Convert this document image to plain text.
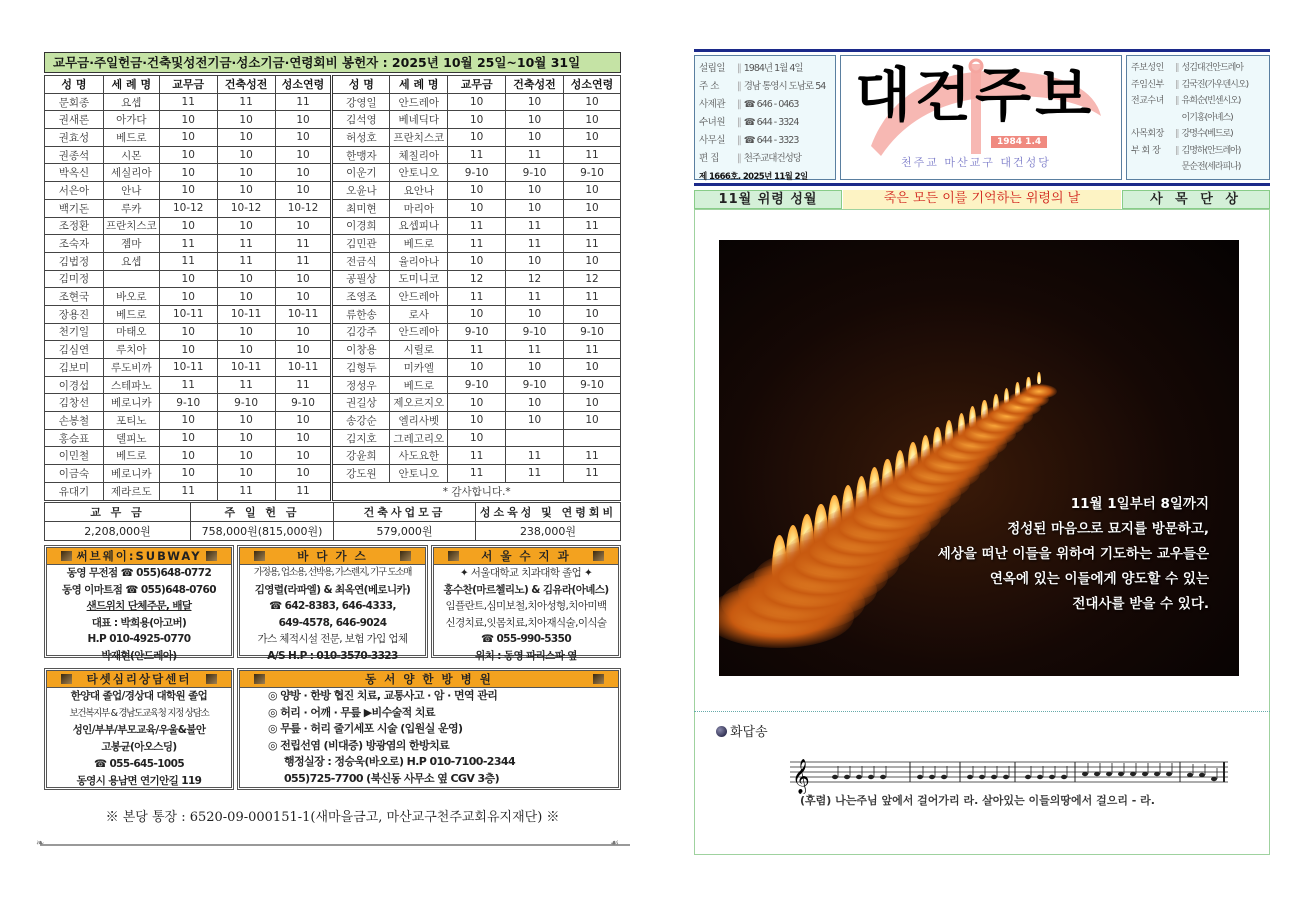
교무금·주일헌금·건축및성전기금·성소기금·연령회비 봉헌자 : 2025년 10월 25일~10월 31일
성 명	세 례 명	교무금	건축성전	성소연령	성 명	세 례 명	교무금	건축성전	성소연령
문회종	요셉	11	11	11	강영일	안드레아	10	10	10
권새론	아가다	10	10	10	김석영	베네딕다	10	10	10
권효성	베드로	10	10	10	허성호	프란치스코	10	10	10
권종석	시몬	10	10	10	한맹자	체칠리아	11	11	11
박옥신	세실리아	10	10	10	이운기	안토니오	9-10	9-10	9-10
서은아	안나	10	10	10	오윤나	요안나	10	10	10
백기돈	루카	10-12	10-12	10-12	최미현	마리아	10	10	10
조정환	프란치스코	10	10	10	이경희	요셉피나	11	11	11
조숙자	젬마	11	11	11	김민관	베드로	11	11	11
김법정	요셉	11	11	11	전금식	율리아나	10	10	10
김미정		10	10	10	공필상	도미니코	12	12	12
조현국	바오로	10	10	10	조영조	안드레아	11	11	11
장용진	베드로	10-11	10-11	10-11	류한송	로사	10	10	10
천기일	마태오	10	10	10	김강주	안드레아	9-10	9-10	9-10
김심연	루치아	10	10	10	이창용	시릴로	11	11	11
김보미	루도비까	10-11	10-11	10-11	김형두	미카엘	10	10	10
이경섭	스테파노	11	11	11	정성우	베드로	9-10	9-10	9-10
김창선	베로니카	9-10	9-10	9-10	권길상	제오르지오	10	10	10
손봉철	포티노	10	10	10	송강순	엘리사벳	10	10	10
홍승표	델피노	10	10	10	김지호	그레고리오	10		
이민철	베드로	10	10	10	강윤희	사도요한	11	11	11
이금숙	베로니카	10	10	10	강도원	안토니오	11	11	11
유대기	제라르도	11	11	11	* 감사합니다.*				
교 무 금	주 일 헌 금	건축사업모금	성소육성 및 연령회비
2,208,000원	758,000원(815,000원)	579,000원	238,000원
써브웨이:SUBWAY
동영 무전점 ☎ 055)648-0772
동영 이마트점 ☎ 055)648-0760
샌드위치 단체주문, 배달
대표 : 박희용(아고버)
H.P 010-4925-0770
박재현(안드레아)
바 다 가 스
가정용, 업소용, 선박용, 가스렌지, 기구 도소매
김영렬(라파엘) & 최옥연(베로니카)
☎ 642-8383, 646-4333,
649-4578, 646-9024
가스 체적시설 전문, 보험 가입 업체
A/S H.P : 010-3570-3323
서 울 수 지 과
✦ 서울대학교 치과대학 졸업 ✦
홍수찬(마르첼리노) & 김유라(아녜스)
임플란트,심미보철,치아성형,치아미백
신경치료,잇몸치료,치아재식술,이식술
☎ 055-990-5350
위치 : 동영 파리스파 옆
타셋심리상담센터
한양대 졸업/경상대 대학원 졸업
보건복지부 & 경남도교육청 지정 상담소
성인/부부/부모교육/우울&불안
고봉균(아오스딩)
☎ 055-645-1005
동영시 용남면 연기안길 119
동 서 양 한 방 병 원
◎ 양방 · 한방 협진 치료, 교통사고 · 암 · 면역 관리
◎ 허리 · 어깨 · 무릎 ▶비수술적 치료
◎ 무릎 · 허리 줄기세포 시술 (입원실 운영)
◎ 전립선염 (비대증) 방광염의 한방치료
행정실장 : 정승욱(바오로) H.P 010-7100-2344
055)725-7700 (북신동 사무소 옆 CGV 3층)
※ 본당 통장 : 6520-09-000151-1(새마을금고, 마산교구천주교회유지재단) ※
❧	☙
설립일 ‖ 1984년 1월 4일
주 소 ‖ 경남 통영시 도남로 54
사제관 ‖ ☎ 646 - 0463
수녀원 ‖ ☎ 644 - 3324
사무실 ‖ ☎ 644 - 3323
편 집 ‖ 천주교대건성당
제 1666호. 2025년 11월 2일
대건주보
1984 1.4
천주교 마산교구 대건성당
주보성인 ‖ 성김대건안드레아
주임신부 ‖ 김국진(가우덴시오)
전교수녀 ‖ 유희순(빈센시오)
이기홍(아녜스)
사목회장 ‖ 강명수(베드로)
부 회 장 ‖ 김명하(안드레아)
문순전(세라피나)
11월 위령 성월	죽은 모든 이를 기억하는 위령의 날	사 목 단 상
11월 1일부터 8일까지
정성된 마음으로 묘지를 방문하고,
세상을 떠난 이들을 위하여 기도하는 교우들은
연옥에 있는 이들에게 양도할 수 있는
전대사를 받을 수 있다.
화답송
𝄞
(후렴) 나는주님 앞에서 걸어가리 라. 살아있는 이들의땅에서 걸으리 - 라.
